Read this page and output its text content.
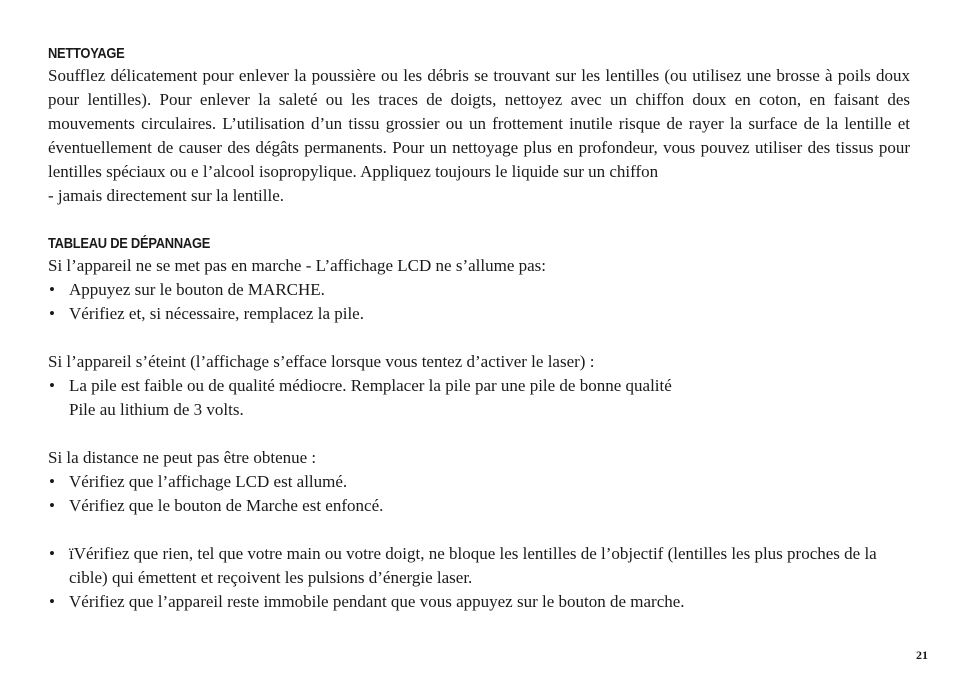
NETTOYAGE

Soufflez délicatement pour enlever la poussière ou les débris se trouvant sur les lentilles (ou utilisez une brosse à poils doux pour lentilles). Pour enlever la saleté ou les traces de doigts, nettoyez avec un chiffon doux en coton, en faisant des mouvements circulaires. L’utilisation d’un tissu grossier ou un frottement inutile risque de rayer la surface de la lentille et éventuellement de causer des dégâts permanents. Pour un nettoyage plus en profondeur, vous pouvez utiliser des tissus pour lentilles spéciaux ou e l’alcool isopropylique. Appliquez toujours le liquide sur un chiffon

- jamais directement sur la lentille.

TABLEAU DE DÉPANNAGE

Si l’appareil ne se met pas en marche - L’affichage LCD ne s’allume pas:

• Appuyez sur le bouton de MARCHE.
• Vérifiez et, si nécessaire, remplacez la pile.

Si l’appareil s’éteint (l’affichage s’efface lorsque vous tentez d’activer le laser) :

• La pile est faible ou de qualité médiocre. Remplacer la pile par une pile de bonne qualité
Pile au lithium de 3 volts.

Si la distance ne peut pas être obtenue :

• Vérifiez que l’affichage LCD est allumé.
• Vérifiez que le bouton de Marche est enfoncé.
• ïVérifiez que rien, tel que votre main ou votre doigt, ne bloque les lentilles de l’objectif (lentilles les plus proches de la cible) qui émettent et reçoivent les pulsions d’énergie laser.
• Vérifiez que l’appareil reste immobile pendant que vous appuyez sur le bouton de marche.
21
